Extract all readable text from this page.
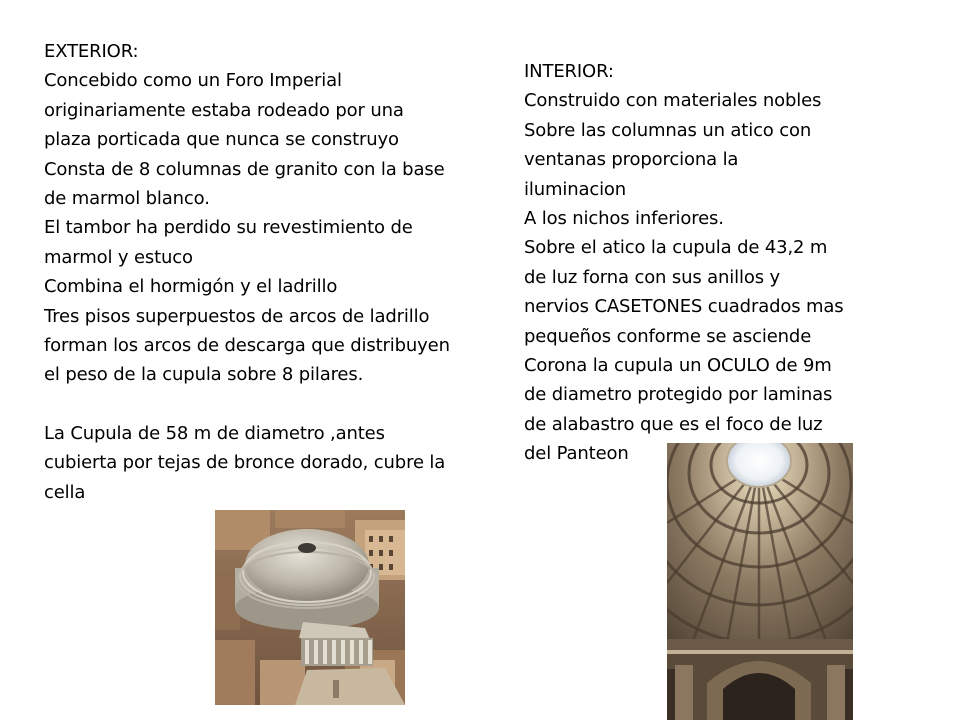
EXTERIOR:
Concebido como un Foro Imperial
originariamente estaba rodeado por una
plaza porticada que nunca se construyo
Consta de 8 columnas de granito con la base
de marmol blanco.
El tambor ha perdido su revestimiento de
marmol y estuco
Combina el hormigón y el ladrillo
Tres pisos superpuestos de arcos de ladrillo
forman los arcos de descarga que distribuyen
el peso de la cupula sobre 8 pilares.
La Cupula de 58 m de diametro ,antes
cubierta por tejas de bronce dorado, cubre la
cella
INTERIOR:
Construido con materiales nobles
Sobre las columnas un atico con
ventanas proporciona la
iluminacion
A los nichos inferiores.
Sobre el atico la cupula de 43,2 m
de luz forna con sus anillos y
nervios CASETONES cuadrados mas
pequeños conforme se asciende
Corona la cupula un OCULO de 9m
de diametro protegido por laminas
de alabastro que es el foco de luz
del Panteon
